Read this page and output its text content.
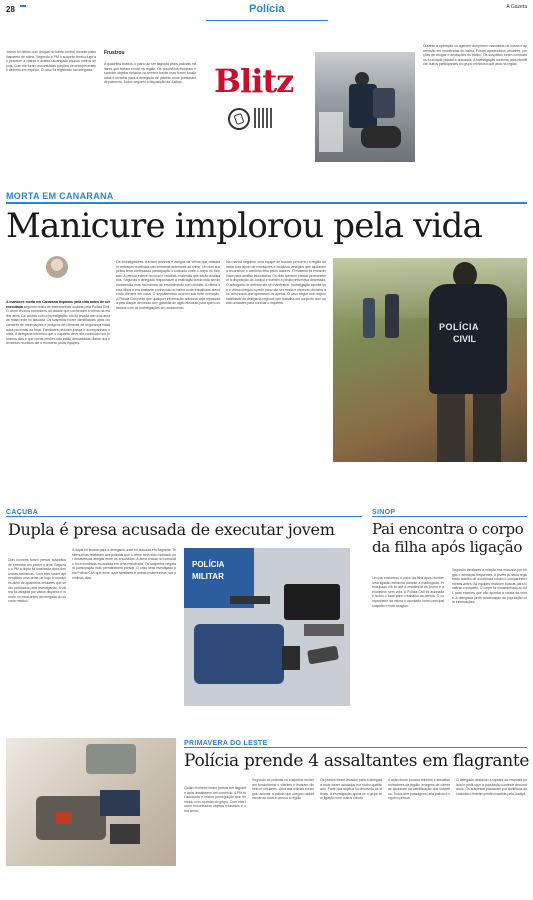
28	Polícia	A Gazeta
Jovem foi detido com drogas no bairro central durante patrulhamento de rotina. Segundo a PM o suspeito tentou fugir ao perceber a viatura e acabou alcançado poucos metros depois. Com ele foram encontradas porções de entorpecentes e dinheiro em espécie. O caso foi registrado na delegacia.
Frustrou
A quadrilha frustrou o plano ao ser flagrada pelos policiais militares que faziam ronda na região. Os envolvidos tentaram esconder objetos furtados no terreno baldio mas foram localizados e levados para a delegacia de plantão onde prestaram depoimento. Todos seguem à disposição da Justiça. Blitz
Durante a operação os agentes cumpriram mandados de busca e apreensão em residências do bairro. Foram apreendidos celulares, porções de drogas e anotações do tráfico. Os suspeitos foram conduzidos à unidade policial e autuados. A investigação continua para identificar outros participantes do grupo criminoso que atua na região.
MORTA EM CANARANA
Manicure implorou pela vida
A manicure morta em Canarana implorou pela vida antes de ser executada segundo relato de testemunhas ouvidas pela Polícia Civil. O crime chocou moradores da cidade que conheciam a vítima há muitos anos. De acordo com a investigação, ela foi levada até uma área de mata onde foi atacada. Os suspeitos foram identificados após cruzamento de informações e imagens de câmeras de segurança instaladas próximas ao local. Familiares pediram justiça e acompanham o caso. A delegacia informou que o inquérito deve ser concluído nos próximos dias e que novas prisões não estão descartadas diante dos elementos reunidos até o momento pelas equipes.
Os investigadores ouviram vizinhos e amigos da vítima que relataram ameaças recebidas nas semanas anteriores ao crime. Um dos suspeitos teria confessado participação e indicado onde o corpo foi deixado. A perícia esteve no local e recolheu materiais que serão analisados. Segundo o delegado responsável a motivação ainda está sendo esclarecida mas há indícios de envolvimento com dívidas. A vítima deixa filhos e era bastante conhecida no bairro onde trabalhava atendendo clientes em casa. O sepultamento ocorreu sob forte comoção. A Polícia Civil pede que qualquer informação adicional seja repassada pelo disque denúncia com garantia de sigilo absoluto para quem colaborar com as investigações em andamento.
Na manhã seguinte uma equipe de buscas percorreu a região de mata com apoio de moradores e localizou vestígios que ajudaram a reconstruir o caminho feito pelos autores. O material foi encaminhado para análise laboratorial. Os dois homens presos permanecem à disposição da Justiça e tiveram a prisão preventiva decretada. O advogado de defesa não se manifestou. Investigação aponta que a vítima chegou a pedir para não ser morta e ofereceu dinheiro aos criminosos que ignoraram os apelos. O caso segue sob responsabilidade da delegacia regional que trabalha em conjunto com outras unidades para concluir o inquérito.
POLÍCIA
CIVIL
CAÇUBA
Dupla é presa acusada de executar jovem
Dois homens foram presos suspeitos de executar um jovem a tiros. Segundo a PM a dupla foi localizada após denúncias anônimas. Com eles foram apreendidos uma arma de fogo e munições além de aparelhos celulares que serão periciados pela investigação. A vítima foi atingida por vários disparos e morreu no local antes da chegada do socorro médico.
A dupla foi levada para a delegacia onde foi autuada em flagrante. Testemunhas relataram aos policiais que o crime teria sido motivado por desavenças antigas entre os envolvidos. A arma usada no homicídio foi encontrada escondida em uma residência. Os suspeitos negaram participação mas permanecem presos. O caso será investigado pela Polícia Civil que deve ouvir familiares e outras testemunhas nos próximos dias.
POLÍCIA
MILITAR
SINOP
Pai encontra o corpo da filha após ligação
Um pai encontrou o corpo da filha após receber uma ligação estranha durante a madrugada. Preocupado ele foi até a residência da jovem e a encontrou sem vida. A Polícia Civil foi acionada e isolou o local para o trabalho da perícia. O companheiro da vítima é apontado como principal suspeito e está foragido.
Segundo familiares a relação era marcada por brigas e ameaças frequentes. A jovem já havia registrado boletim de ocorrência contra o companheiro meses antes. As equipes realizam buscas para localizar o suspeito. O corpo foi encaminhado ao IML para exames que vão apontar a causa da morte. A delegacia pede colaboração da população com informações.
PRIMAVERA DO LESTE
Polícia prende 4 assaltantes em flagrante
Quatro homens foram presos em flagrante após assaltarem um comércio. A PM foi acionada e iniciou perseguição que terminou com a prisão do grupo. Com eles foram encontrados objetos roubados e uma arma.
Segundo os policiais os suspeitos renderam funcionários e clientes e levaram dinheiro e celulares. Uma das vítimas conseguiu acionar a polícia que chegou rapidamente ao local e cercou a região.
Os presos foram levados para a delegacia onde foram autuados por roubo qualificado. Parte dos objetos foi devolvida às vítimas. A investigação apura se o grupo tem ligação com outros crimes.
A ação durou poucos minutos e assustou moradores da região. Imagens de câmeras ajudaram na identificação dos suspeitos. Todos têm passagens pela polícia e seguem presos.
O delegado destacou a rapidez da resposta policial e pediu que a população continue denunciando. Os suspeitos passaram por audiência de custódia e tiveram prisão mantida pela Justiça.
